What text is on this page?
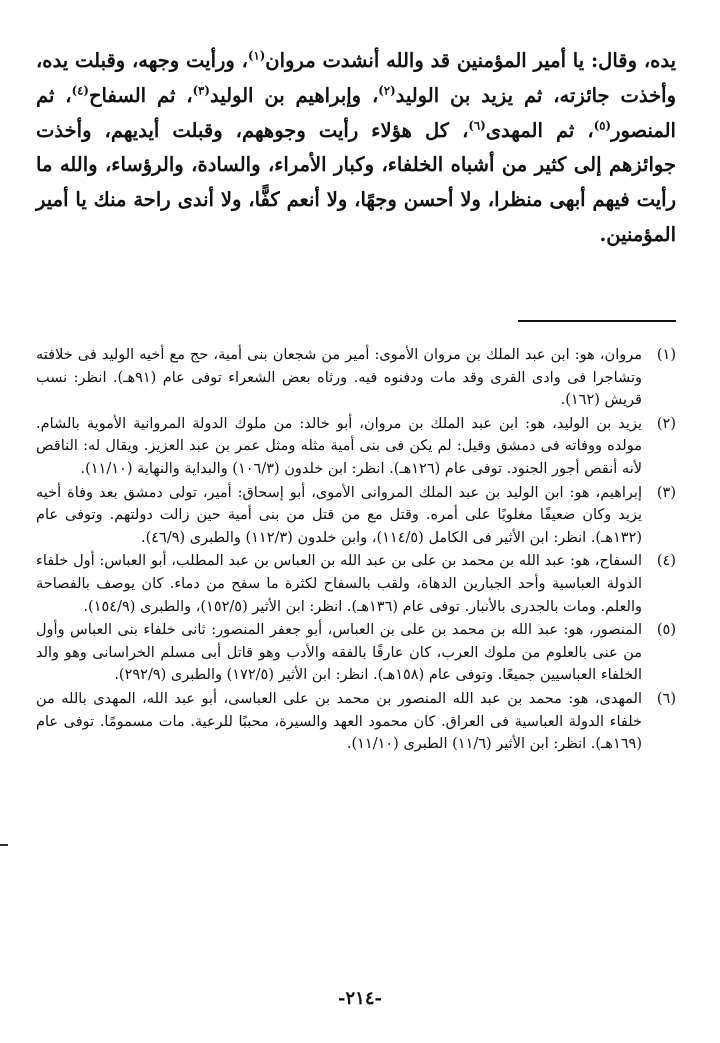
يده، وقال: يا أمير المؤمنين قد والله أنشدت مروان$^{(١)}$، ورأيت وجهه، وقبلت يده، وأخذت جائزته، ثم يزيد بن الوليد$^{(٢)}$، وإبراهيم بن الوليد$^{(٣)}$، ثم السفاح$^{(٤)}$، ثم المنصور$^{(٥)}$، ثم المهدى$^{(٦)}$، كل هؤلاء رأيت وجوههم، وقبلت أيديهم، وأخذت جوائزهم إلى كثير من أشباه الخلفاء، وكبار الأمراء، والسادة، والرؤساء، والله ما رأيت فيهم أبهى منظرا، ولا أحسن وجهًا، ولا أنعم كفًّا، ولا أندى راحة منك يا أمير المؤمنين.

(١)
مروان، هو: ابن عبد الملك بن مروان الأموى: أمير من شجعان بنى أمية، حج مع أخيه الوليد فى خلافته وتشاجرا فى وادى القرى وقد مات ودفنوه فيه. ورثاه بعض الشعراء توفى عام (٩١هـ). انظر: نسب قريش (١٦٢).
(٢)
يزيد بن الوليد، هو: ابن عبد الملك بن مروان، أبو خالد: من ملوك الدولة المروانية الأموية بالشام. مولده ووفاته فى دمشق وقيل: لم يكن فى بنى أمية مثله ومثل عمر بن عبد العزيز. ويقال له: الناقص لأنه أنقص أجور الجنود. توفى عام (١٢٦هـ). انظر: ابن خلدون (١٠٦/٣) والبداية والنهاية (١١/١٠).
(٣)
إبراهيم، هو: ابن الوليد بن عبد الملك المروانى الأموى، أبو إسحاق: أمير، تولى دمشق بعد وفاة أخيه يزيد وكان ضعيفًا مغلوبًا على أمره. وقتل مع من قتل من بنى أمية حين زالت دولتهم. وتوفى عام (١٣٢هـ). انظر: ابن الأثير فى الكامل (١١٤/٥)، وابن خلدون (١١٢/٣) والطبرى (٤٦/٩).
(٤)
السفاح، هو: عبد الله بن محمد بن على بن عبد الله بن العباس بن عبد المطلب، أبو العباس: أول خلفاء الدولة العباسية وأحد الجبارين الدهاة، ولقب بالسفاح لكثرة ما سفح من دماء. كان يوصف بالفصاحة والعلم. ومات بالجدرى بالأنبار. توفى عام (١٣٦هـ). انظر: ابن الأثير (١٥٢/٥)، والطبرى (١٥٤/٩).
(٥)
المنصور، هو: عبد الله بن محمد بن على بن العباس، أبو جعفر المنصور: ثانى خلفاء بنى العباس وأول من عنى بالعلوم من ملوك العرب، كان عارفًا بالفقه والأدب وهو قاتل أبى مسلم الخراسانى وهو والد الخلفاء العباسيين جميعًا. وتوفى عام (١٥٨هـ). انظر: ابن الأثير (١٧٢/٥) والطبرى (٢٩٢/٩).
(٦)
المهدى، هو: محمد بن عبد الله المنصور بن محمد بن على العباسى، أبو عبد الله، المهدى بالله من خلفاء الدولة العباسية فى العراق. كان محمود العهد والسيرة، محببًا للرعية. مات مسمومًا. توفى عام (١٦٩هـ). انظر: ابن الأثير (١١/٦) الطبرى (١١/١٠).
-٢١٤-
